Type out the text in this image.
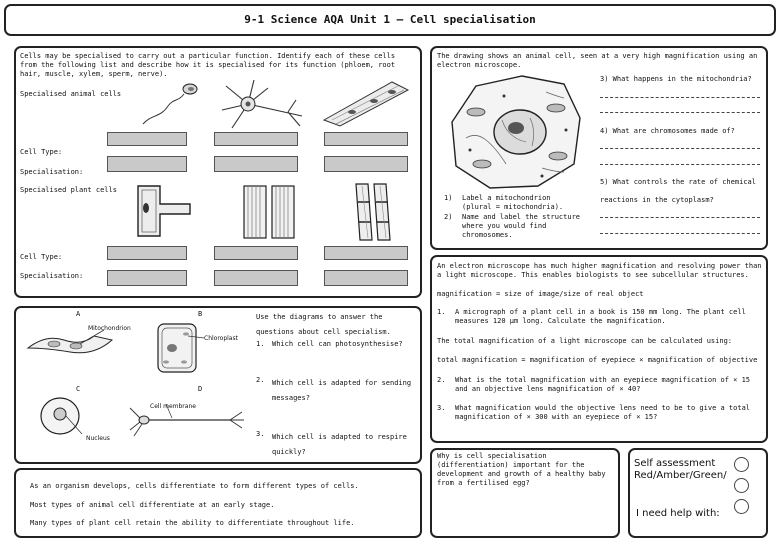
9-1 Science AQA Unit 1 – Cell specialisation
Cells may be specialised to carry out a particular function. Identify each of these cells from the following list and describe how it is specialised for its function (phloem, root hair, muscle, xylem, sperm, nerve).
Specialised animal cells
Cell Type:
Specialisation:
Specialised plant cells
Cell Type:
Specialisation:
The drawing shows an animal cell, seen at a very high magnification using an electron microscope.
3) What happens in the mitochondria?
4) What are chromosomes made of?
5) What controls the rate of chemical
reactions in the cytoplasm?
1) Label a mitochondrion (plural = mitochondria).
2) Name and label the structure where you would find chromosomes.
A	B
C	D
Mitochondrion
Chloroplast
Nucleus
Cell membrane
Use the diagrams to answer the questions about cell specialism.
1. Which cell can photosynthesise?
2. Which cell is adapted for sending messages?
3. Which cell is adapted to respire quickly?
As an organism develops, cells differentiate to form different types of cells.
Most types of animal cell differentiate at an early stage.
Many types of plant cell retain the ability to differentiate throughout life.
An electron microscope has much higher magnification and resolving power than a light microscope. This enables biologists to see subcellular structures.
magnification = size of image/size of real object
1. A micrograph of a plant cell in a book is 150 mm long. The plant cell measures 120 µm long. Calculate the magnification.
The total magnification of a light microscope can be calculated using:
total magnification = magnification of eyepiece × magnification of objective
2. What is the total magnification with an eyepiece magnification of × 15 and an objective lens magnification of × 40?
3. What magnification would the objective lens need to be to give a total magnification of × 300 with an eyepiece of × 15?
Why is cell specialisation (differentiation) important for the development and growth of a healthy baby from a fertilised egg?
Self assessment
Red/Amber/Green/
I need help with:
